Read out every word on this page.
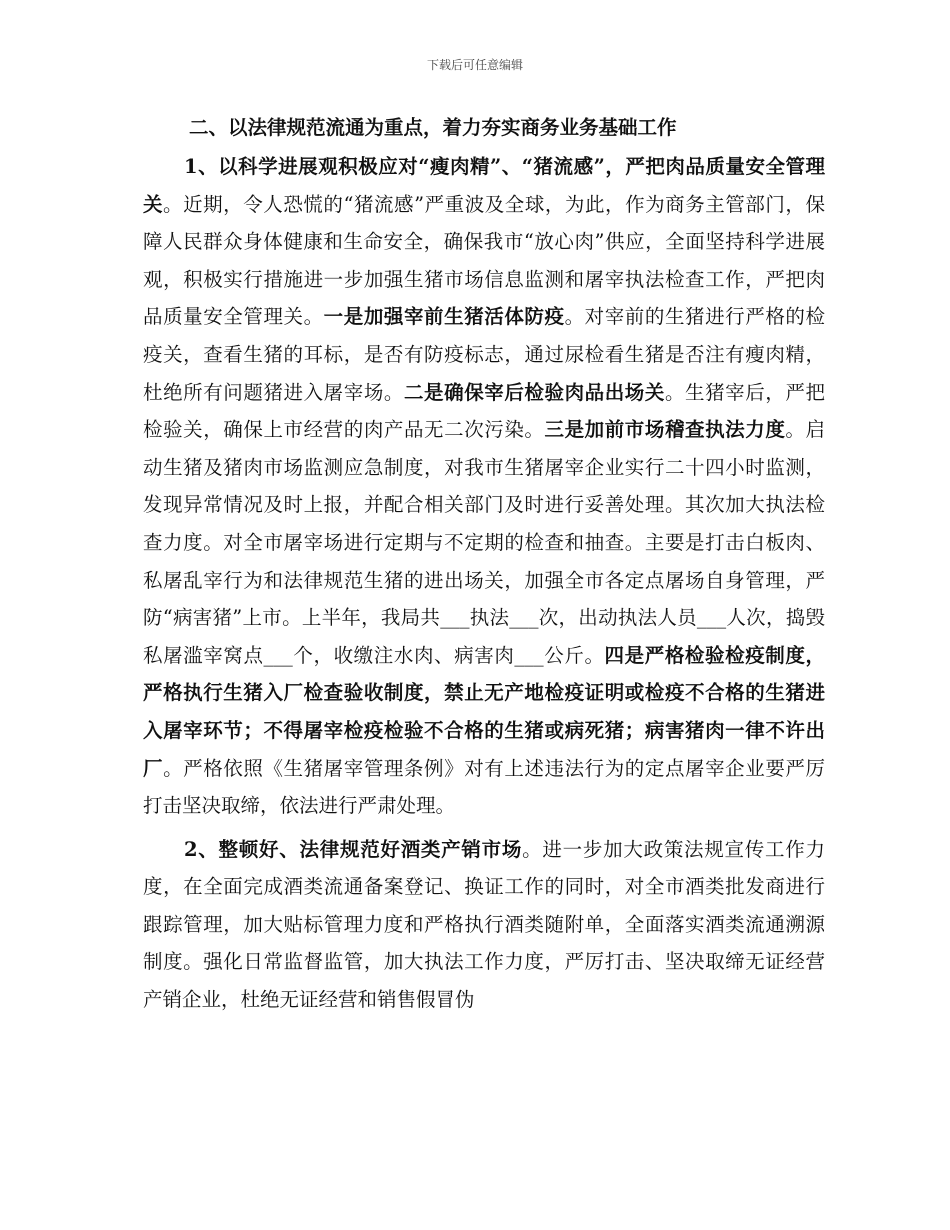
下载后可任意编辑

二、以法律规范流通为重点，着力夯实商务业务基础工作

1、以科学进展观积极应对“瘦肉精”、“猪流感”，严把肉品质量安全管理关。近期，令人恐慌的“猪流感”严重波及全球，为此，作为商务主管部门，保障人民群众身体健康和生命安全，确保我市“放心肉”供应，全面坚持科学进展观，积极实行措施进一步加强生猪市场信息监测和屠宰执法检查工作，严把肉品质量安全管理关。一是加强宰前生猪活体防疫。对宰前的生猪进行严格的检疫关，查看生猪的耳标，是否有防疫标志，通过尿检看生猪是否注有瘦肉精，杜绝所有问题猪进入屠宰场。二是确保宰后检验肉品出场关。生猪宰后，严把检验关，确保上市经营的肉产品无二次污染。三是加前市场稽查执法力度。启动生猪及猪肉市场监测应急制度，对我市生猪屠宰企业实行二十四小时监测，发现异常情况及时上报，并配合相关部门及时进行妥善处理。其次加大执法检查力度。对全市屠宰场进行定期与不定期的检查和抽查。主要是打击白板肉、私屠乱宰行为和法律规范生猪的进出场关，加强全市各定点屠场自身管理，严防“病害猪”上市。上半年，我局共___执法___次，出动执法人员___人次，捣毁私屠滥宰窝点___个，收缴注水肉、病害肉___公斤。四是严格检验检疫制度，严格执行生猪入厂检查验收制度，禁止无产地检疫证明或检疫不合格的生猪进入屠宰环节；不得屠宰检疫检验不合格的生猪或病死猪；病害猪肉一律不许出厂。严格依照《生猪屠宰管理条例》对有上述违法行为的定点屠宰企业要严厉打击坚决取缔，依法进行严肃处理。

2、整顿好、法律规范好酒类产销市场。进一步加大政策法规宣传工作力度，在全面完成酒类流通备案登记、换证工作的同时，对全市酒类批发商进行跟踪管理，加大贴标管理力度和严格执行酒类随附单，全面落实酒类流通溯源制度。强化日常监督监管，加大执法工作力度，严厉打击、坚决取缔无证经营产销企业，杜绝无证经营和销售假冒伪
